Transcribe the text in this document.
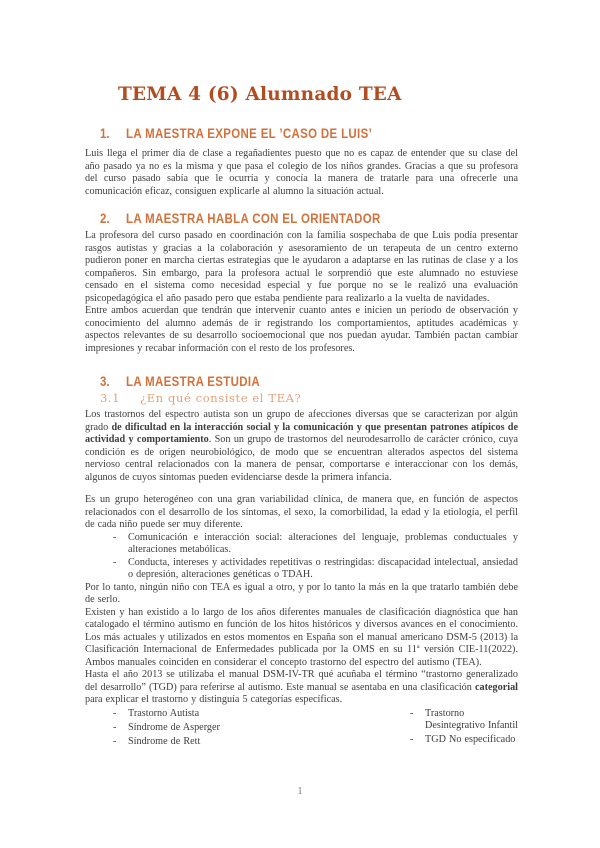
TEMA 4 (6) Alumnado TEA
1.	LA MAESTRA EXPONE EL ’CASO DE LUIS’

Luis llega el primer día de clase a regañadientes puesto que no es capaz de entender que su clase del año pasado ya no es la misma y que pasa el colegio de los niños grandes. Gracias a que su profesora del curso pasado sabía que le ocurría y conocía la manera de tratarle para una ofrecerle una comunicación eficaz, consiguen explicarle al alumno la situación actual.

2.	LA MAESTRA HABLA CON EL ORIENTADOR

La profesora del curso pasado en coordinación con la familia sospechaba de que Luis podía presentar rasgos autistas y gracias a la colaboración y asesoramiento de un terapeuta de un centro externo pudieron poner en marcha ciertas estrategias que le ayudaron a adaptarse en las rutinas de clase y a los compañeros. Sin embargo, para la profesora actual le sorprendió que este alumnado no estuviese censado en el sistema como necesidad especial y fue porque no se le realizó una evaluación psicopedagógica el año pasado pero que estaba pendiente para realizarlo a la vuelta de navidades.

Entre ambos acuerdan que tendrán que intervenir cuanto antes e inicien un período de observación y conocimiento del alumno además de ir registrando los comportamientos, aptitudes académicas y aspectos relevantes de su desarrollo socioemocional que nos puedan ayudar. También pactan cambiar impresiones y recabar información con el resto de los profesores.

3.	LA MAESTRA ESTUDIA
3.1	¿En qué consiste el TEA?

Los trastornos del espectro autista son un grupo de afecciones diversas que se caracterizan por algún grado de dificultad en la interacción social y la comunicación y que presentan patrones atípicos de actividad y comportamiento. Son un grupo de trastornos del neurodesarrollo de carácter crónico, cuya condición es de origen neurobiológico, de modo que se encuentran alterados aspectos del sistema nervioso central relacionados con la manera de pensar, comportarse e interaccionar con los demás, algunos de cuyos síntomas pueden evidenciarse desde la primera infancia.

Es un grupo heterogéneo con una gran variabilidad clínica, de manera que, en función de aspectos relacionados con el desarrollo de los síntomas, el sexo, la comorbilidad, la edad y la etiología, el perfil de cada niño puede ser muy diferente.

- Comunicación e interacción social: alteraciones del lenguaje, problemas conductuales y alteraciones metabólicas.
- Conducta, intereses y actividades repetitivas o restringidas: discapacidad intelectual, ansiedad o depresión, alteraciones genéticas o TDAH.

Por lo tanto, ningún niño con TEA es igual a otro, y por lo tanto la más en la que tratarlo también debe de serlo.

Existen y han existido a lo largo de los años diferentes manuales de clasificación diagnóstica que han catalogado el término autismo en función de los hitos históricos y diversos avances en el conocimiento. Los más actuales y utilizados en estos momentos en España son el manual americano DSM-5 (2013) la Clasificación Internacional de Enfermedades publicada por la OMS en su 11ª versión CIE-11(2022). Ambos manuales coinciden en considerar el concepto trastorno del espectro del autismo (TEA).

Hasta el año 2013 se utilizaba el manual DSM-IV-TR qué acuñaba el término “trastorno generalizado del desarrollo” (TGD) para referirse al autismo. Este manual se asentaba en una clasificación categorial para explicar el trastorno y distinguía 5 categorías específicas.

- Trastorno Autista
- Síndrome de Asperger
- Síndrome de Rett
- Trastorno Desintegrativo Infantil
- TGD No especificado
1
